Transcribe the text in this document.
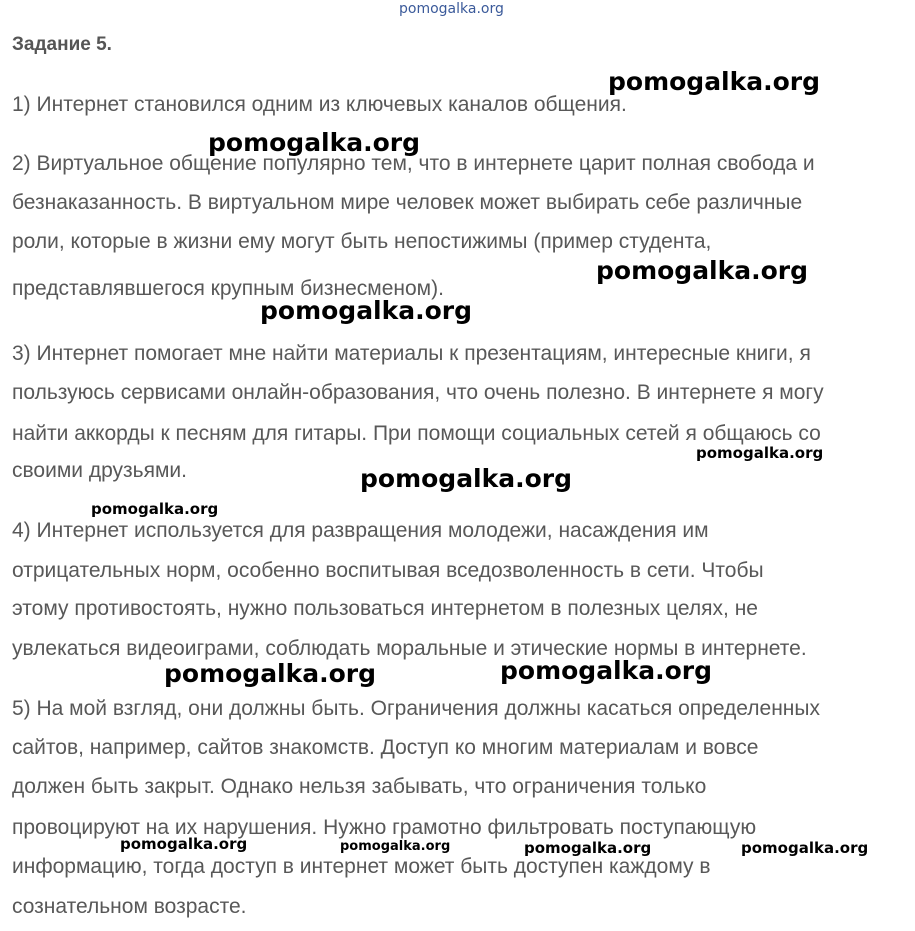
pomogalka.org
Задание 5.

1) Интернет становился одним из ключевых каналов общения.

2) Виртуальное общение популярно тем, что в интернете царит полная свобода и

безнаказанность. В виртуальном мире человек может выбирать себе различные

роли, которые в жизни ему могут быть непостижимы (пример студента,

представлявшегося крупным бизнесменом).

3) Интернет помогает мне найти материалы к презентациям, интересные книги, я

пользуюсь сервисами онлайн-образования, что очень полезно. В интернете я могу

найти аккорды к песням для гитары. При помощи социальных сетей я общаюсь со

своими друзьями.

4) Интернет используется для развращения молодежи, насаждения им

отрицательных норм, особенно воспитывая вседозволенность в сети. Чтобы

этому противостоять, нужно пользоваться интернетом в полезных целях, не

увлекаться видеоиграми, соблюдать моральные и этические нормы в интернете.

5) На мой взгляд, они должны быть. Ограничения должны касаться определенных

сайтов, например, сайтов знакомств. Доступ ко многим материалам и вовсе

должен быть закрыт. Однако нельзя забывать, что ограничения только

провоцируют на их нарушения. Нужно грамотно фильтровать поступающую

информацию, тогда доступ в интернет может быть доступен каждому в

сознательном возрасте.

pomogalka.org
pomogalka.org
pomogalka.org
pomogalka.org
pomogalka.org
pomogalka.org
pomogalka.org
pomogalka.org	pomogalka.org
pomogalka.org	pomogalka.org	pomogalka.org	pomogalka.org
